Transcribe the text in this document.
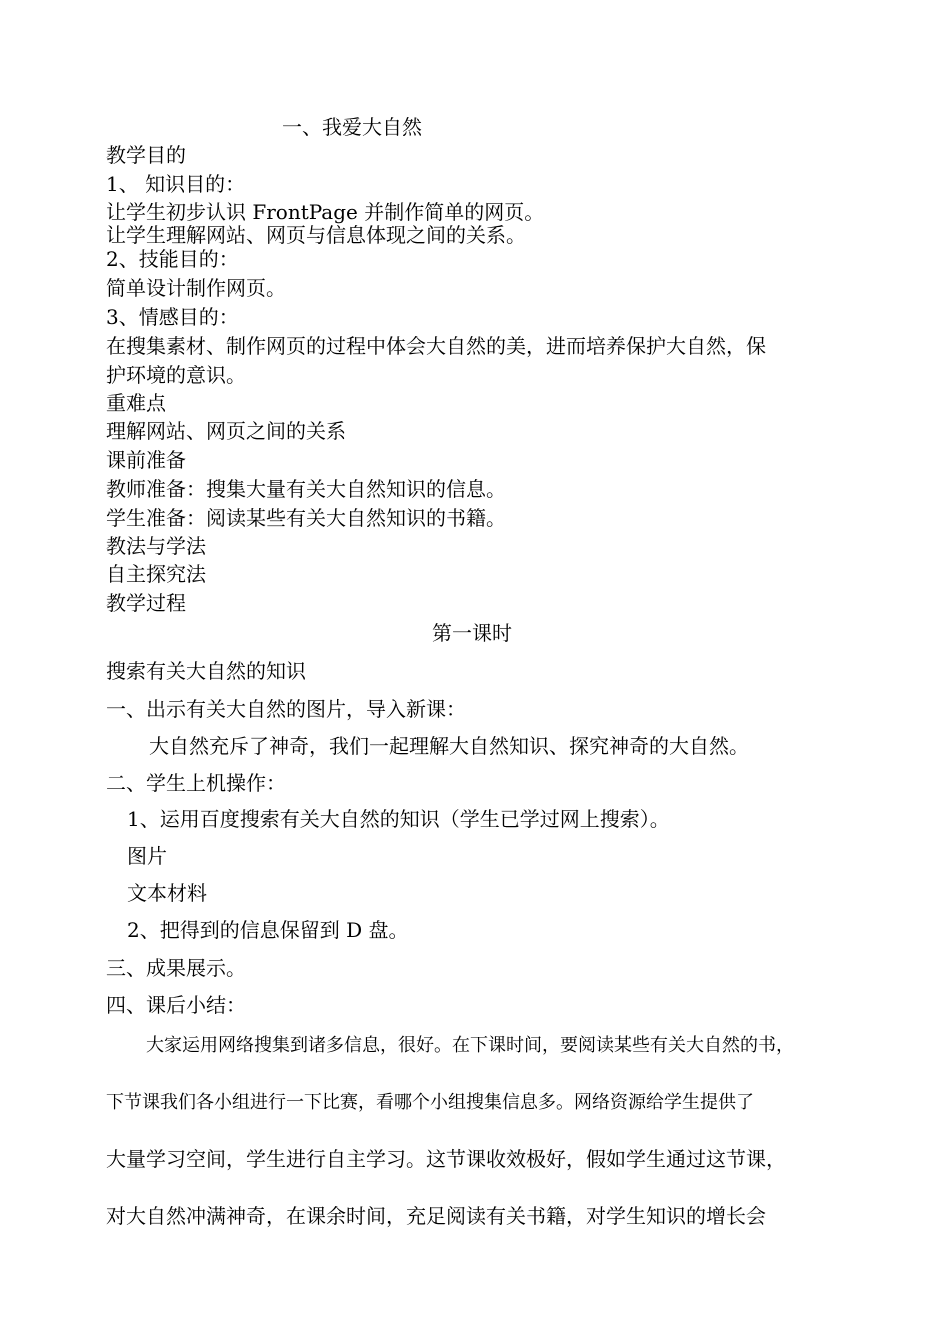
一、我爱大自然

教学目的

1、 知识目的：

让学生初步认识 FrontPage 并制作简单的网页。

让学生理解网站、网页与信息体现之间的关系。

2、技能目的：

简单设计制作网页。

3、情感目的：

在搜集素材、制作网页的过程中体会大自然的美，进而培养保护大自然，保

护环境的意识。

重难点

理解网站、网页之间的关系

课前准备

教师准备：搜集大量有关大自然知识的信息。

学生准备：阅读某些有关大自然知识的书籍。

教法与学法

自主探究法

教学过程

第一课时

搜索有关大自然的知识

一、出示有关大自然的图片，导入新课：

大自然充斥了神奇，我们一起理解大自然知识、探究神奇的大自然。

二、学生上机操作：

1、运用百度搜索有关大自然的知识（学生已学过网上搜索）。

图片

文本材料

2、把得到的信息保留到 D 盘。

三、成果展示。

四、课后小结：

大家运用网络搜集到诸多信息，很好。在下课时间，要阅读某些有关大自然的书，

下节课我们各小组进行一下比赛，看哪个小组搜集信息多。网络资源给学生提供了

大量学习空间，学生进行自主学习。这节课收效极好，假如学生通过这节课，

对大自然冲满神奇，在课余时间，充足阅读有关书籍，对学生知识的增长会
